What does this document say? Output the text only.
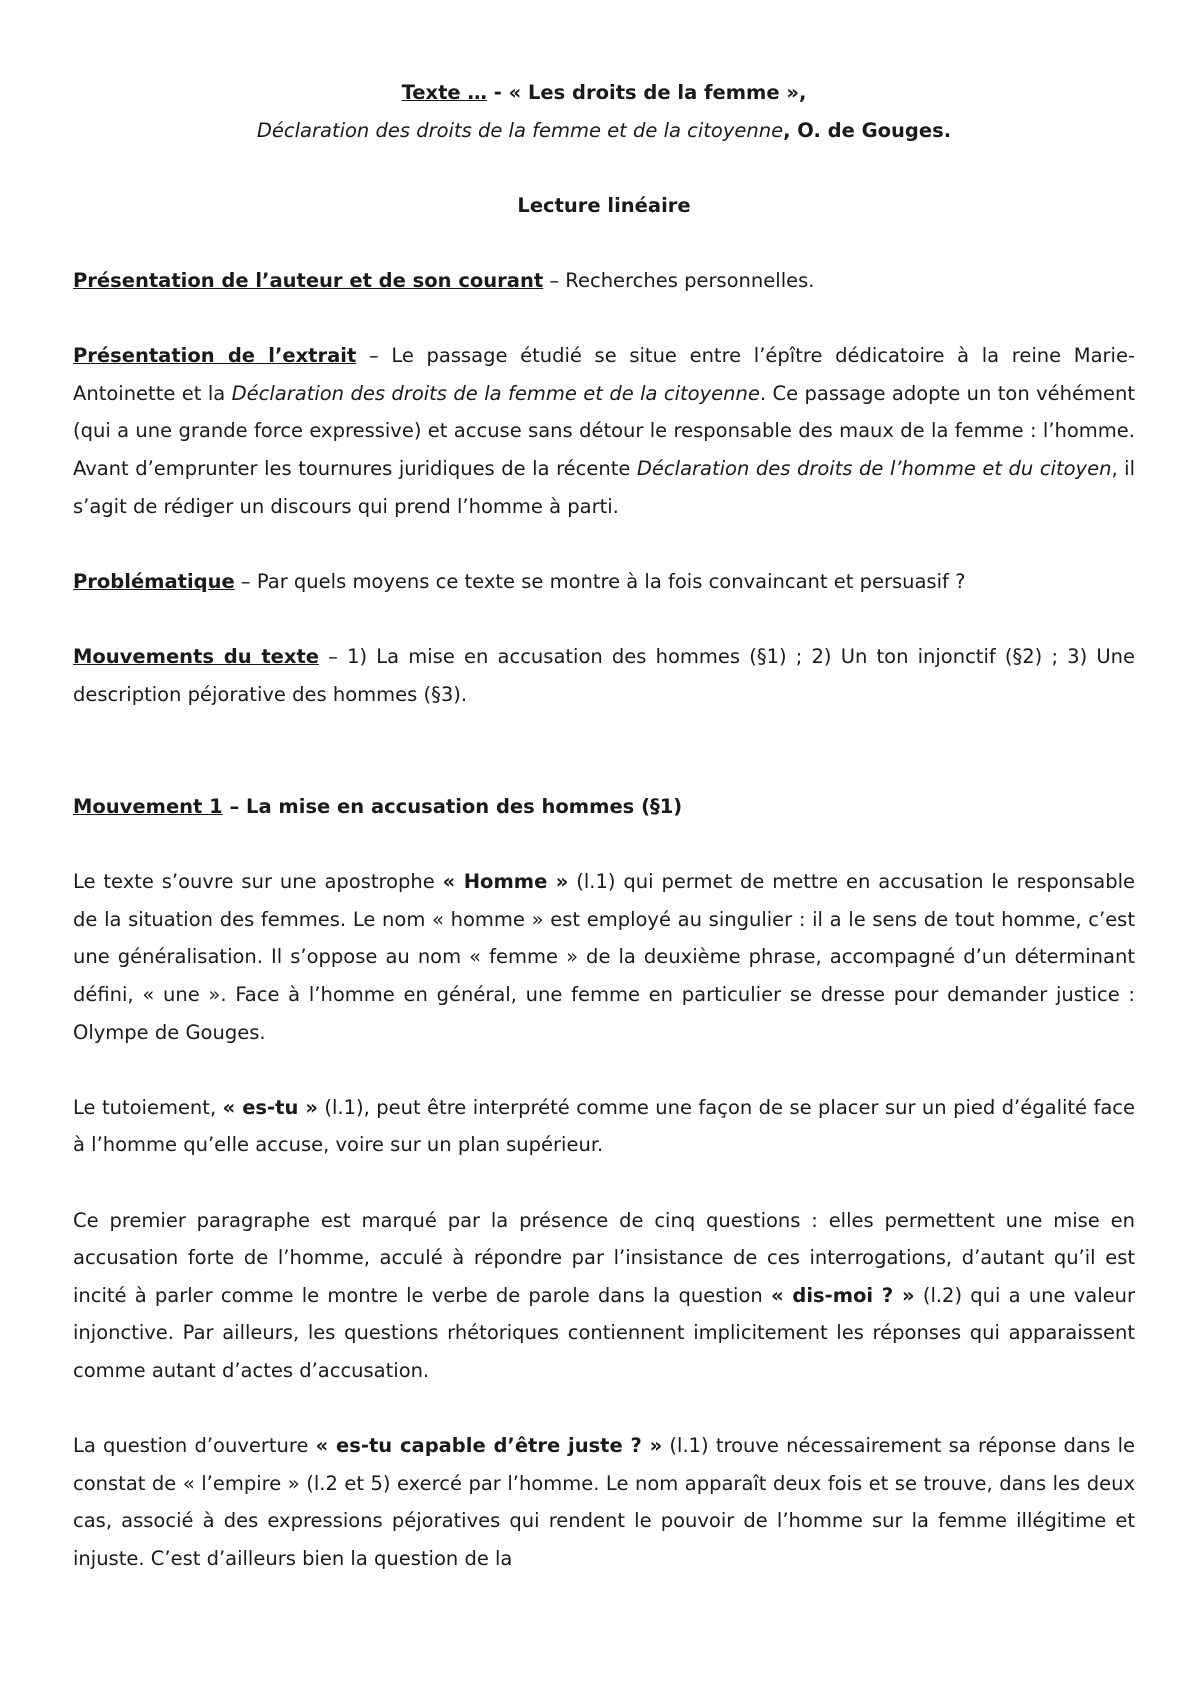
Texte … - « Les droits de la femme »,

Déclaration des droits de la femme et de la citoyenne, O. de Gouges.

Lecture linéaire

Présentation de l’auteur et de son courant – Recherches personnelles.

Présentation de l’extrait – Le passage étudié se situe entre l’épître dédicatoire à la reine Marie-Antoinette et la Déclaration des droits de la femme et de la citoyenne. Ce passage adopte un ton véhément (qui a une grande force expressive) et accuse sans détour le responsable des maux de la femme : l’homme. Avant d’emprunter les tournures juridiques de la récente Déclaration des droits de l’homme et du citoyen, il s’agit de rédiger un discours qui prend l’homme à parti.

Problématique – Par quels moyens ce texte se montre à la fois convaincant et persuasif ?

Mouvements du texte – 1) La mise en accusation des hommes (§1) ; 2) Un ton injonctif (§2) ; 3) Une description péjorative des hommes (§3).

Mouvement 1 – La mise en accusation des hommes (§1)

Le texte s’ouvre sur une apostrophe « Homme » (l.1) qui permet de mettre en accusation le responsable de la situation des femmes. Le nom « homme » est employé au singulier : il a le sens de tout homme, c’est une généralisation. Il s’oppose au nom « femme » de la deuxième phrase, accompagné d’un déterminant défini, « une ». Face à l’homme en général, une femme en particulier se dresse pour demander justice : Olympe de Gouges.

Le tutoiement, « es-tu » (l.1), peut être interprété comme une façon de se placer sur un pied d’égalité face à l’homme qu’elle accuse, voire sur un plan supérieur.

Ce premier paragraphe est marqué par la présence de cinq questions : elles permettent une mise en accusation forte de l’homme, acculé à répondre par l’insistance de ces interrogations, d’autant qu’il est incité à parler comme le montre le verbe de parole dans la question « dis-moi ? » (l.2) qui a une valeur injonctive. Par ailleurs, les questions rhétoriques contiennent implicitement les réponses qui apparaissent comme autant d’actes d’accusation.

La question d’ouverture « es-tu capable d’être juste ? » (l.1) trouve nécessairement sa réponse dans le constat de « l’empire » (l.2 et 5) exercé par l’homme. Le nom apparaît deux fois et se trouve, dans les deux cas, associé à des expressions péjoratives qui rendent le pouvoir de l’homme sur la femme illégitime et injuste. C’est d’ailleurs bien la question de la
